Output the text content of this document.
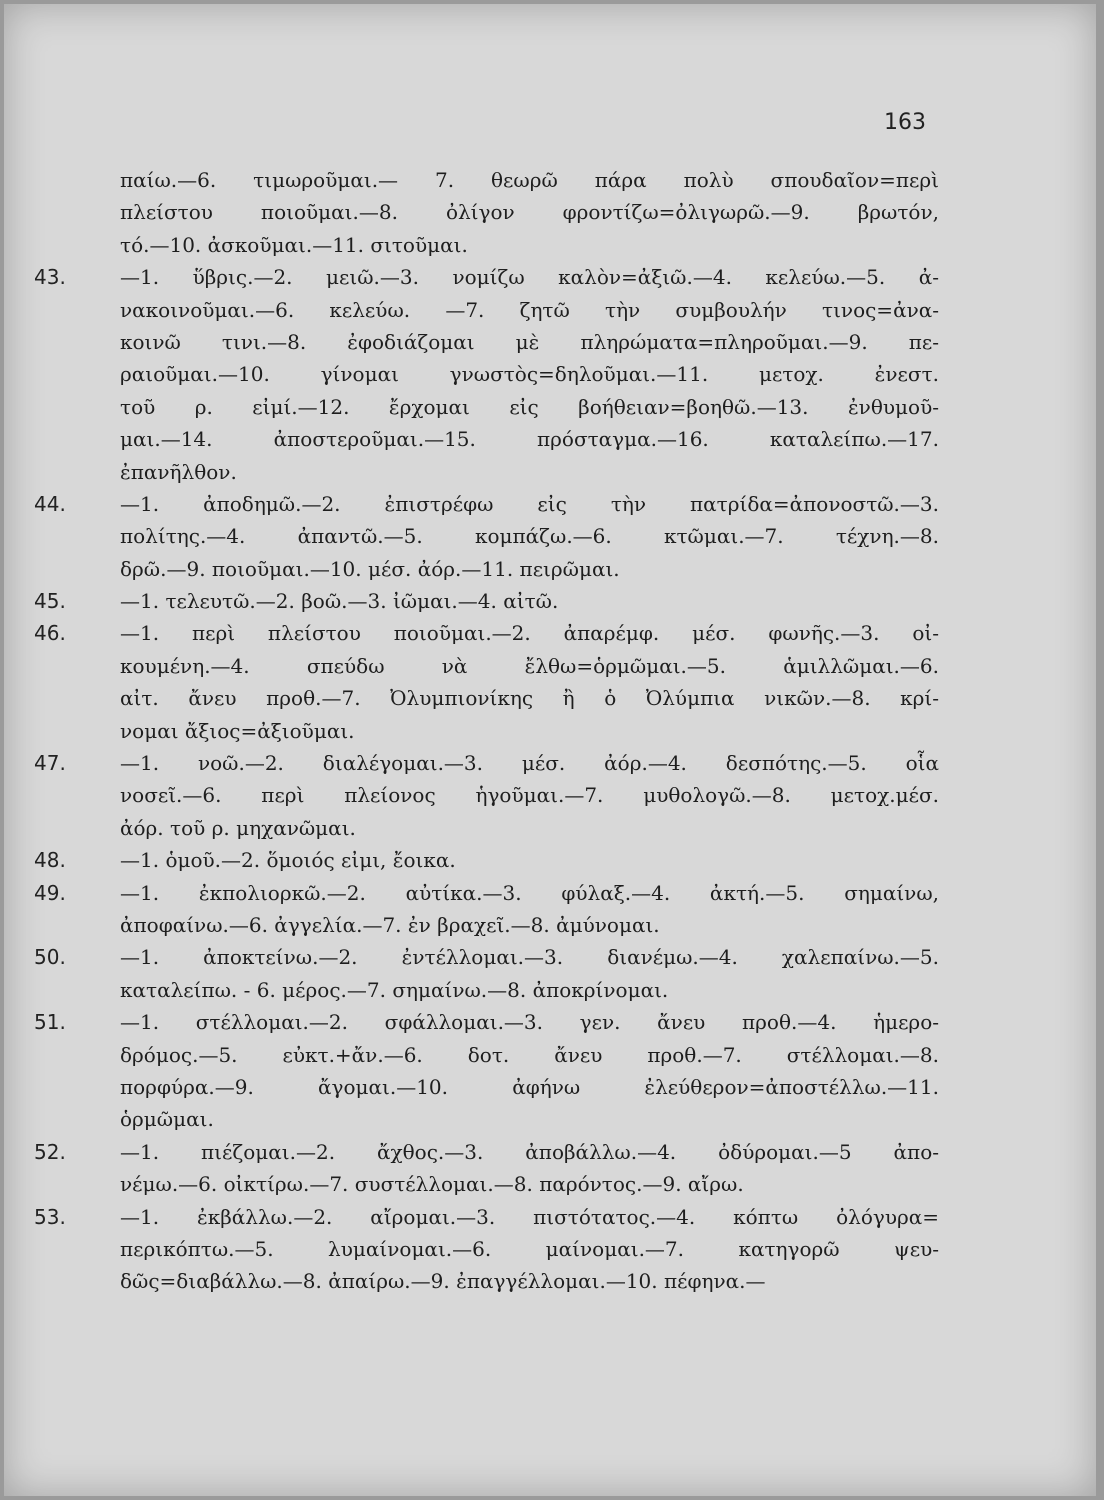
163
παίω.—6. τιμωροῦμαι.— 7. θεωρῶ πάρα πολὺ σπουδαῖον=περὶ
πλείστου ποιοῦμαι.—8. ὀλίγον φροντίζω=ὀλιγωρῶ.—9. βρωτόν,
τό.—10. ἀσκοῦμαι.—11. σιτοῦμαι.
43.	—1. ὕβρις.—2. μειῶ.—3. νομίζω καλὸν=ἀξιῶ.—4. κελεύω.—5. ἀ-
νακοινοῦμαι.—6. κελεύω. —7. ζητῶ τὴν συμβουλήν τινος=ἀνα-
κοινῶ τινι.—8. ἐφοδιάζομαι μὲ πληρώματα=πληροῦμαι.—9. πε-
ραιοῦμαι.—10. γίνομαι γνωστὸς=δηλοῦμαι.—11. μετοχ. ἐνεστ.
τοῦ ρ. εἰμί.—12. ἔρχομαι εἰς βοήθειαν=βοηθῶ.—13. ἐνθυμοῦ-
μαι.—14. ἀποστεροῦμαι.—15. πρόσταγμα.—16. καταλείπω.—17.
ἐπανῆλθον.
44.	—1. ἀποδημῶ.—2. ἐπιστρέφω εἰς τὴν πατρίδα=ἀπονοστῶ.—3.
πολίτης.—4. ἀπαντῶ.—5. κομπάζω.—6. κτῶμαι.—7. τέχνη.—8.
δρῶ.—9. ποιοῦμαι.—10. μέσ. ἀόρ.—11. πειρῶμαι.
45.	—1. τελευτῶ.—2. βοῶ.—3. ἰῶμαι.—4. αἰτῶ.
46.	—1. περὶ πλείστου ποιοῦμαι.—2. ἀπαρέμφ. μέσ. φωνῆς.—3. οἰ-
κουμένη.—4. σπεύδω νὰ ἔλθω=ὁρμῶμαι.—5. ἁμιλλῶμαι.—6.
αἰτ. ἄνευ προθ.—7. Ὀλυμπιονίκης ἢ ὁ Ὀλύμπια νικῶν.—8. κρί-
νομαι ἄξιος=ἀξιοῦμαι.
47.	—1. νοῶ.—2. διαλέγομαι.—3. μέσ. ἀόρ.—4. δεσπότης.—5. οἷα
νοσεῖ.—6. περὶ πλείονος ἡγοῦμαι.—7. μυθολογῶ.—8. μετοχ.μέσ.
ἀόρ. τοῦ ρ. μηχανῶμαι.
48.	—1. ὁμοῦ.—2. ὅμοιός εἰμι, ἔοικα.
49.	—1. ἐκπολιορκῶ.—2. αὐτίκα.—3. φύλαξ.—4. ἀκτή.—5. σημαίνω,
ἀποφαίνω.—6. ἀγγελία.—7. ἐν βραχεῖ.—8. ἀμύνομαι.
50.	—1. ἀποκτείνω.—2. ἐντέλλομαι.—3. διανέμω.—4. χαλεπαίνω.—5.
καταλείπω. - 6. μέρος.—7. σημαίνω.—8. ἀποκρίνομαι.
51.	—1. στέλλομαι.—2. σφάλλομαι.—3. γεν. ἄνευ προθ.—4. ἡμερο-
δρόμος.—5. εὐκτ.+ἄν.—6. δοτ. ἄνευ προθ.—7. στέλλομαι.—8.
πορφύρα.—9. ἄγομαι.—10. ἀφήνω ἐλεύθερον=ἀποστέλλω.—11.
ὁρμῶμαι.
52.	—1. πιέζομαι.—2. ἄχθος.—3. ἀποβάλλω.—4. ὀδύρομαι.—5 ἀπο-
νέμω.—6. οἰκτίρω.—7. συστέλλομαι.—8. παρόντος.—9. αἴρω.
53.	—1. ἐκβάλλω.—2. αἴρομαι.—3. πιστότατος.—4. κόπτω ὀλόγυρα=
περικόπτω.—5. λυμαίνομαι.—6. μαίνομαι.—7. κατηγορῶ ψευ-
δῶς=διαβάλλω.—8. ἀπαίρω.—9. ἐπαγγέλλομαι.—10. πέφηνα.—
